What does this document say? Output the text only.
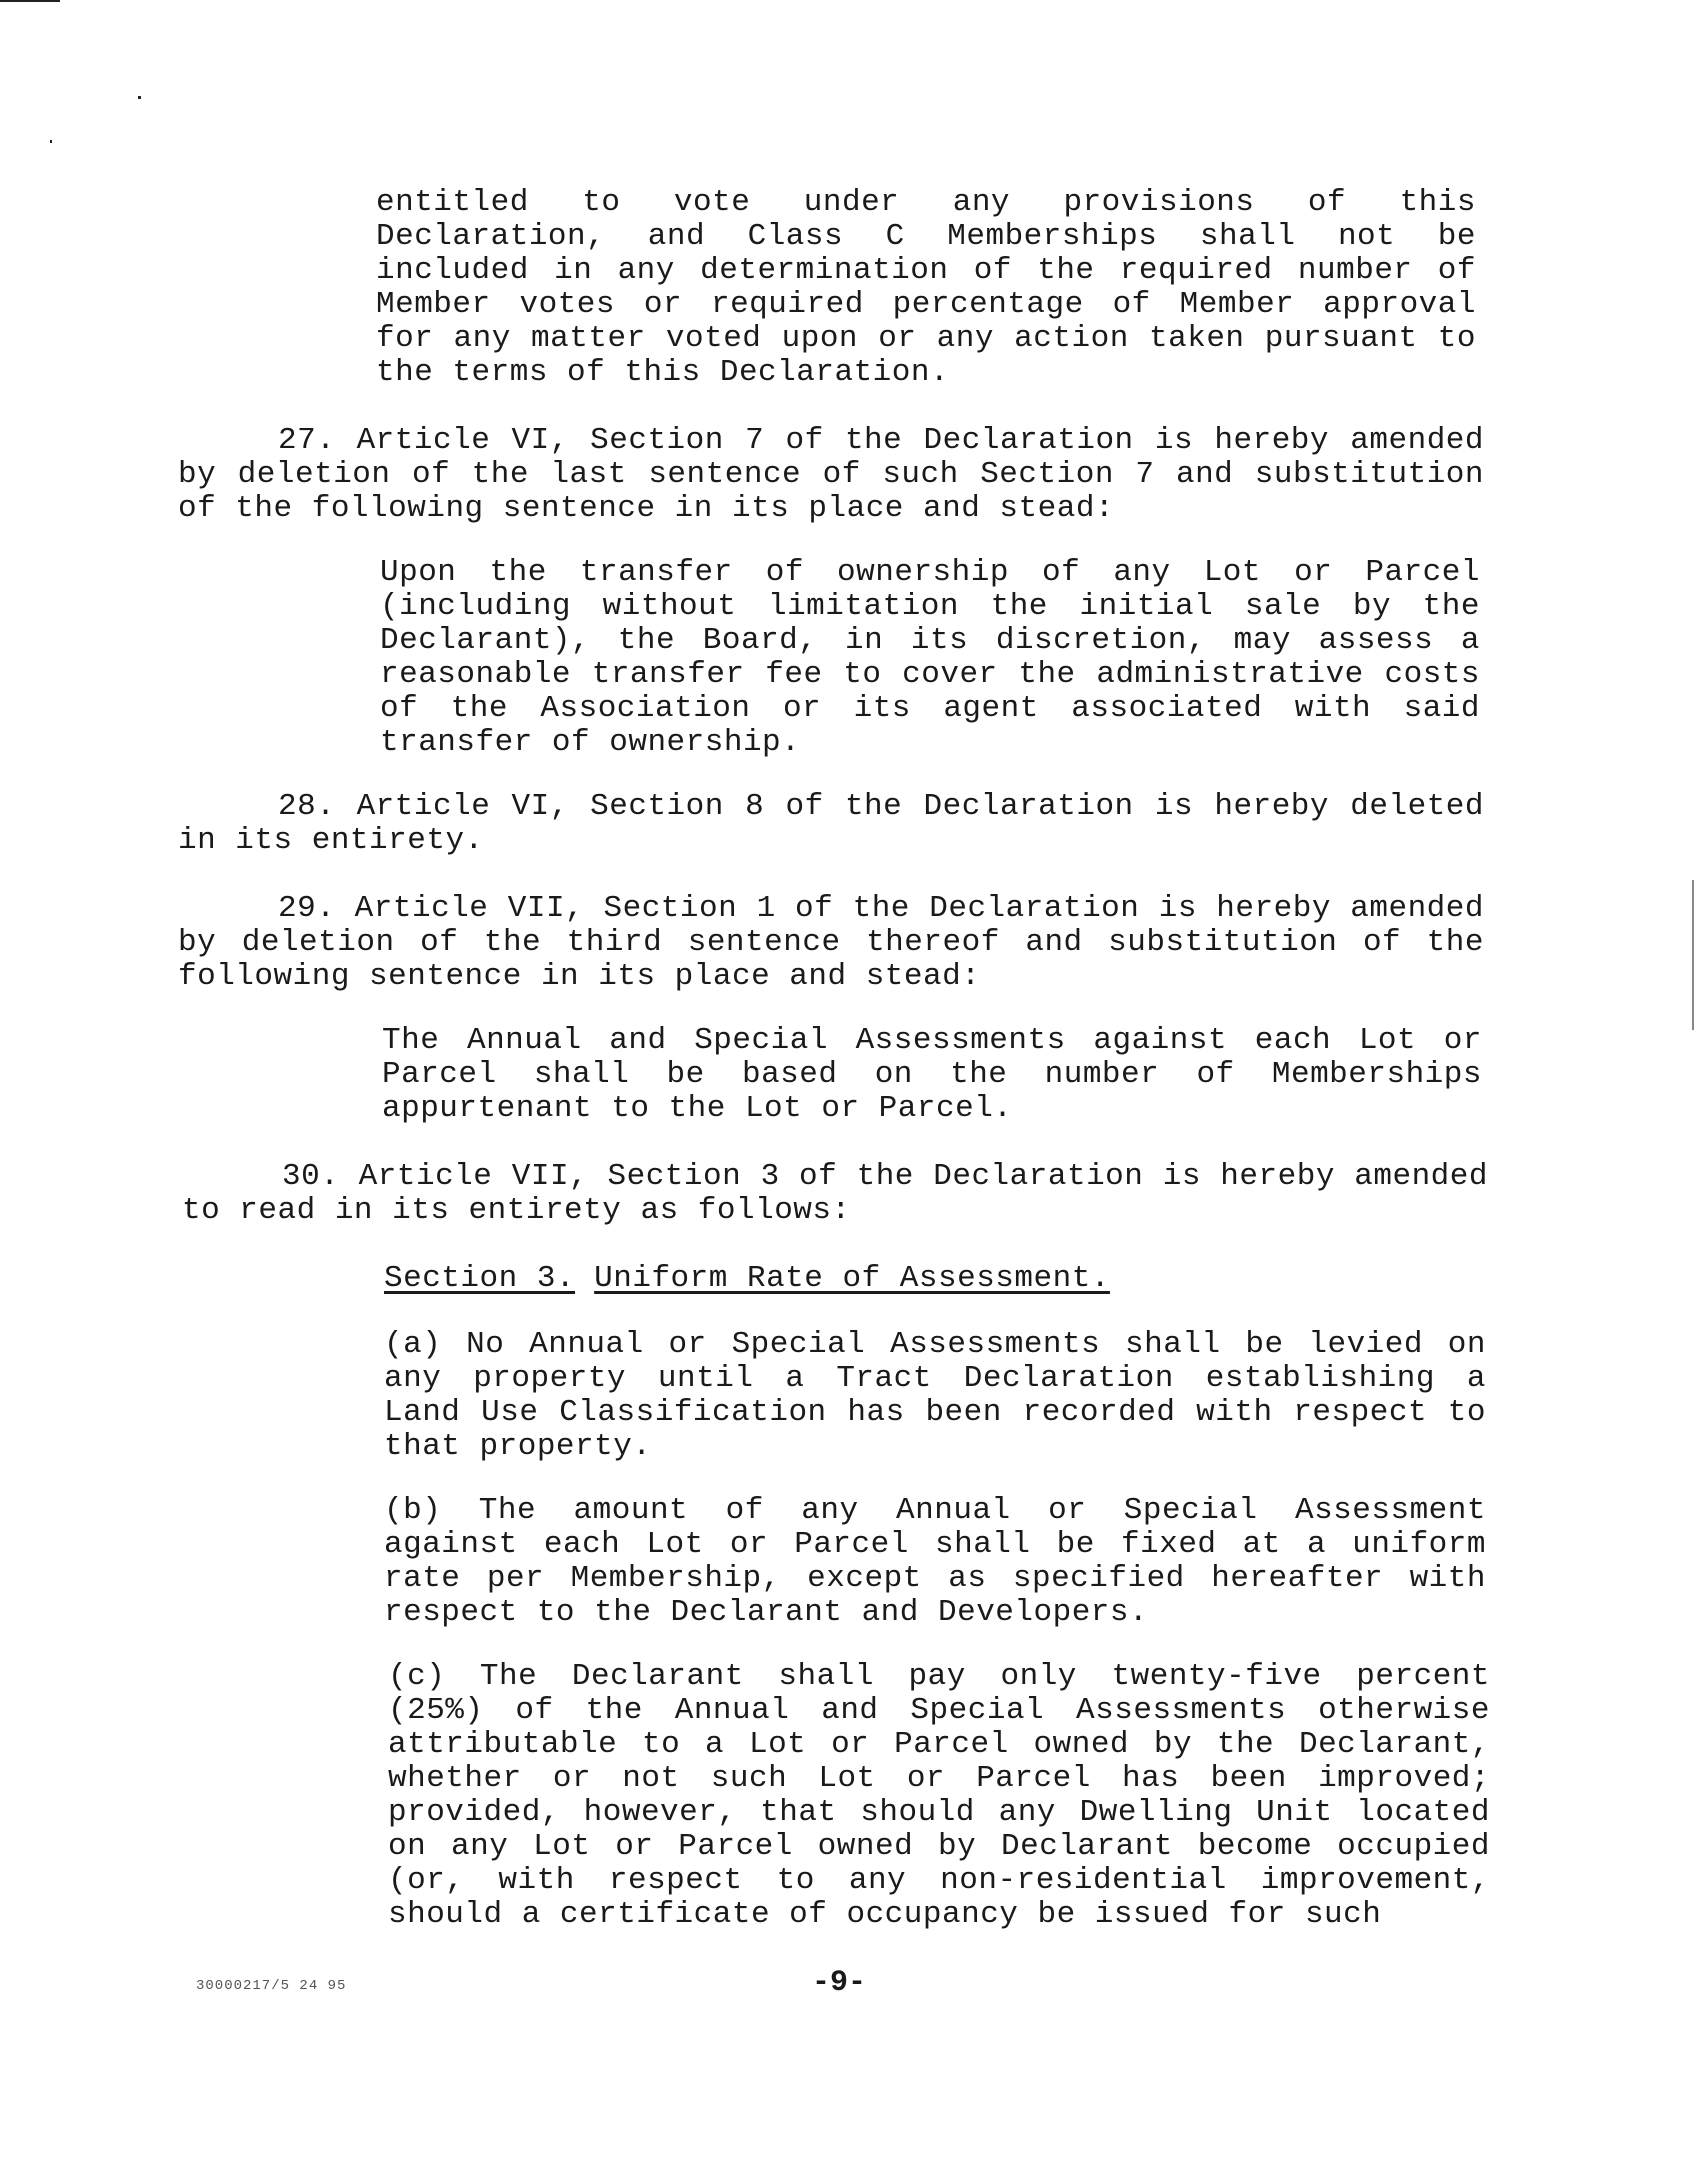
entitled to vote under any provisions of this Declaration, and Class C Memberships shall not be included in any determination of the required number of Member votes or required percentage of Member approval for any matter voted upon or any action taken pursuant to the terms of this Declaration.

27. Article VI, Section 7 of the Declaration is hereby amended by deletion of the last sentence of such Section 7 and substitution of the following sentence in its place and stead:

Upon the transfer of ownership of any Lot or Parcel (including without limitation the initial sale by the Declarant), the Board, in its discretion, may assess a reasonable transfer fee to cover the administrative costs of the Association or its agent associated with said transfer of ownership.

28. Article VI, Section 8 of the Declaration is hereby deleted in its entirety.

29. Article VII, Section 1 of the Declaration is hereby amended by deletion of the third sentence thereof and substitution of the following sentence in its place and stead:

The Annual and Special Assessments against each Lot or Parcel shall be based on the number of Memberships appurtenant to the Lot or Parcel.

30. Article VII, Section 3 of the Declaration is hereby amended to read in its entirety as follows:

Section 3. Uniform Rate of Assessment.

(a) No Annual or Special Assessments shall be levied on any property until a Tract Declaration establishing a Land Use Classification has been recorded with respect to that property.

(b) The amount of any Annual or Special Assessment against each Lot or Parcel shall be fixed at a uniform rate per Membership, except as specified hereafter with respect to the Declarant and Developers.

(c) The Declarant shall pay only twenty-five percent (25%) of the Annual and Special Assessments otherwise attributable to a Lot or Parcel owned by the Declarant, whether or not such Lot or Parcel has been improved; provided, however, that should any Dwelling Unit located on any Lot or Parcel owned by Declarant become occupied (or, with respect to any non-residential improvement, should a certificate of occupancy be issued for such

30000217/5 24 95	-9-
